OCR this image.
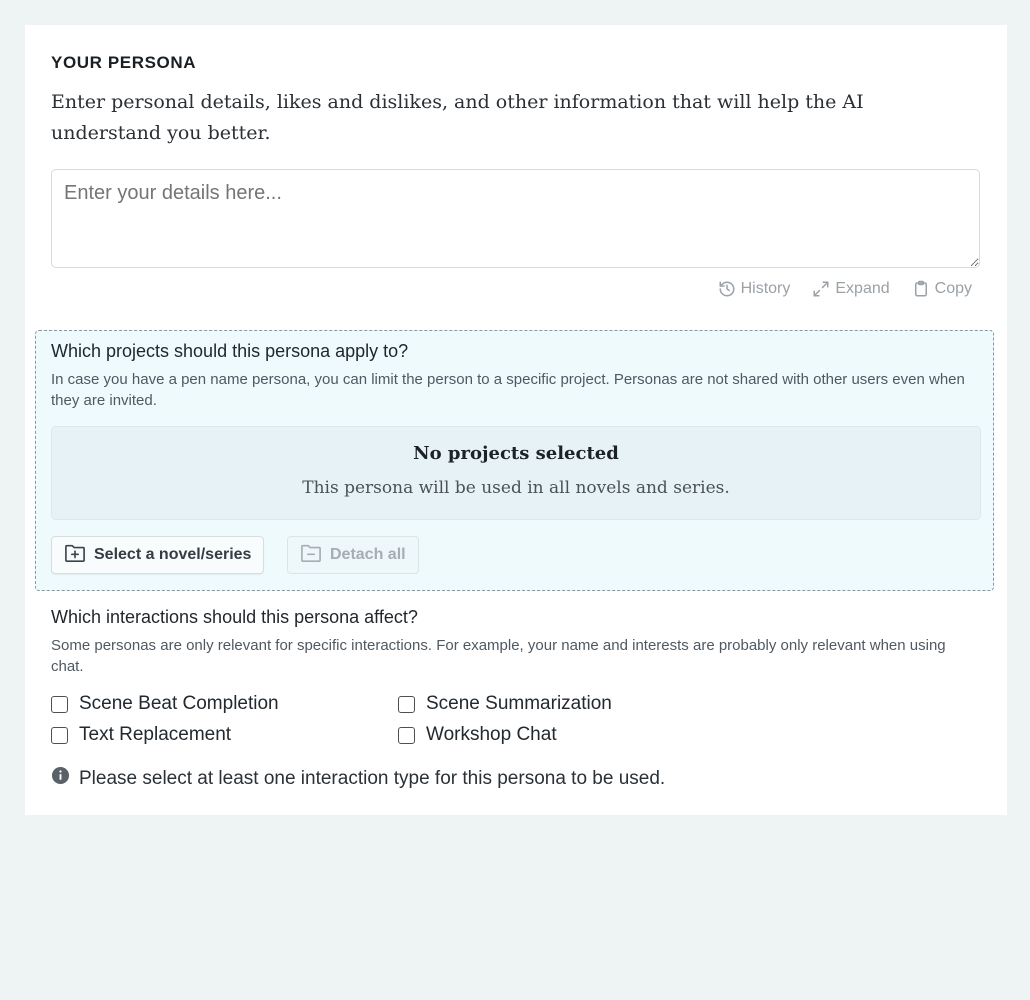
YOUR PERSONA
Enter personal details, likes and dislikes, and other information that will help the AI understand you better.
Enter your details here...
History	Expand	Copy
Which projects should this persona apply to?
In case you have a pen name persona, you can limit the person to a specific project. Personas are not shared with other users even when they are invited.
No projects selected
This persona will be used in all novels and series.
Select a novel/series	Detach all
Which interactions should this persona affect?
Some personas are only relevant for specific interactions. For example, your name and interests are probably only relevant when using chat.
Scene Beat Completion	Scene Summarization
Text Replacement	Workshop Chat
Please select at least one interaction type for this persona to be used.
